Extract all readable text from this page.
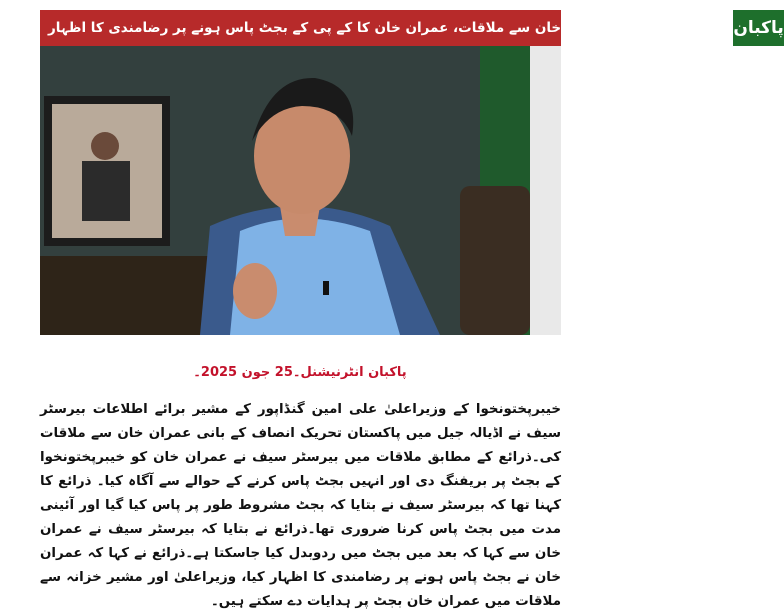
پاکبان
بیرسٹر سیف کی عمران خان سے ملاقات، عمران خان کا کے پی کے بجٹ پاس ہونے پر رضامندی کا اظہار
پاکبان انٹرنیشنل۔25 جون 2025۔
خیبرپختونخوا کے وزیراعلیٰ علی امین گنڈاپور کے مشیر برائے اطلاعات بیرسٹر سیف نے اڈیالہ جیل میں پاکستان تحریک انصاف کے بانی عمران خان سے ملاقات کی۔ذرائع کے مطابق ملاقات میں بیرسٹر سیف نے عمران خان کو خیبرپختونخوا کے بجٹ پر بریفنگ دی اور انہیں بجٹ پاس کرنے کے حوالے سے آگاہ کیا۔ ذرائع کا کہنا تھا کہ بیرسٹر سیف نے بتایا کہ بجٹ مشروط طور پر پاس کیا گیا اور آئینی مدت میں بجٹ پاس کرنا ضروری تھا۔ذرائع نے بتایا کہ بیرسٹر سیف نے عمران خان سے کہا کہ بعد میں بجٹ میں ردوبدل کیا جاسکتا ہے۔ذرائع نے کہا کہ عمران خان نے بجٹ پاس ہونے پر رضامندی کا اظہار کیا، وزیراعلیٰ اور مشیر خزانہ سے ملاقات میں عمران خان بجٹ پر ہدایات دے سکتے ہیں۔
